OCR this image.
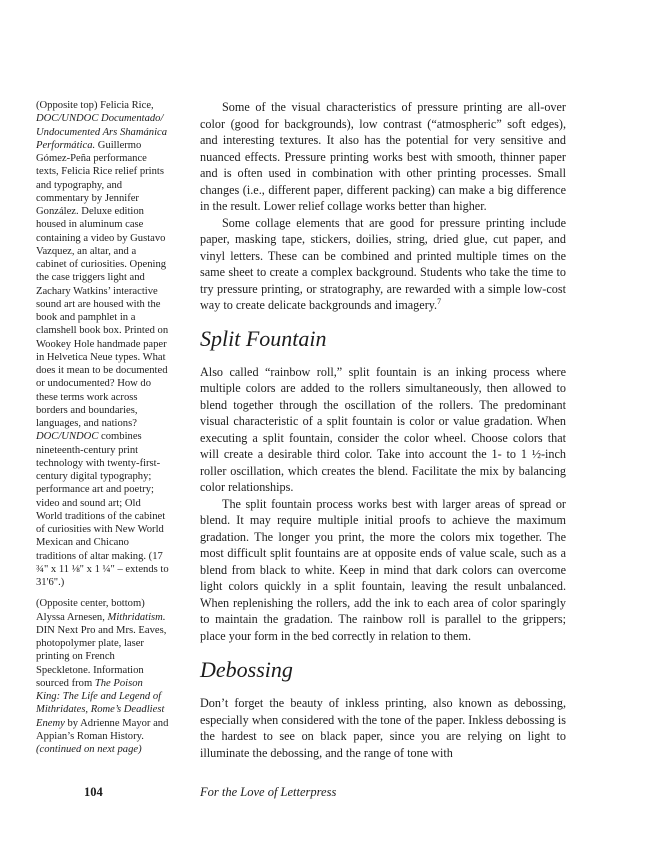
(Opposite top) Felicia Rice, DOC/UNDOC Documentado/ Undocumented Ars Shamánica Performática. Guillermo Gómez-Peña performance texts, Felicia Rice relief prints and typography, and commentary by Jennifer González. Deluxe edition housed in aluminum case containing a video by Gustavo Vazquez, an altar, and a cabinet of curiosities. Opening the case triggers light and Zachary Watkins’ interactive sound art are housed with the book and pamphlet in a clamshell book box. Printed on Wookey Hole handmade paper in Helvetica Neue types. What does it mean to be documented or undocumented? How do these terms work across borders and boundaries, languages, and nations? DOC/UNDOC combines nineteenth-century print technology with twenty-first-century digital typography; performance art and poetry; video and sound art; Old World traditions of the cabinet of curiosities with New World Mexican and Chicano traditions of altar making. (17 ¾" x 11 ⅛" x 1 ¼" – extends to 31'6".)

(Opposite center, bottom) Alyssa Arnesen, Mithridatism. DIN Next Pro and Mrs. Eaves, photopolymer plate, laser printing on French Speckletone. Information sourced from The Poison King: The Life and Legend of Mithridates, Rome’s Deadliest Enemy by Adrienne Mayor and Appian’s Roman History. (continued on next page)

Some of the visual characteristics of pressure printing are all-over color (good for backgrounds), low contrast (“atmospheric” soft edges), and interesting textures. It also has the potential for very sensitive and nuanced effects. Pressure printing works best with smooth, thinner paper and is often used in combination with other printing processes. Small changes (i.e., different paper, different packing) can make a big difference in the result. Lower relief collage works better than higher.

Some collage elements that are good for pressure printing include paper, masking tape, stickers, doilies, string, dried glue, cut paper, and vinyl letters. These can be combined and printed multiple times on the same sheet to create a complex background. Students who take the time to try pressure printing, or stratography, are rewarded with a simple low-cost way to create delicate backgrounds and imagery.$^7$

Split Fountain

Also called “rainbow roll,” split fountain is an inking process where multiple colors are added to the rollers simultaneously, then allowed to blend together through the oscillation of the rollers. The predominant visual characteristic of a split fountain is color or value gradation. When executing a split fountain, consider the color wheel. Choose colors that will create a desirable third color. Take into account the 1- to 1 ½-inch roller oscillation, which creates the blend. Facilitate the mix by balancing color relationships.

The split fountain process works best with larger areas of spread or blend. It may require multiple initial proofs to achieve the maximum gradation. The longer you print, the more the colors mix together. The most difficult split fountains are at opposite ends of value scale, such as a blend from black to white. Keep in mind that dark colors can overcome light colors quickly in a split fountain, leaving the result unbalanced. When replenishing the rollers, add the ink to each area of color sparingly to maintain the gradation. The rainbow roll is parallel to the grippers; place your form in the bed correctly in relation to them.

Debossing

Don’t forget the beauty of inkless printing, also known as debossing, especially when considered with the tone of the paper. Inkless debossing is the hardest to see on black paper, since you are relying on light to illuminate the debossing, and the range of tone with

104	For the Love of Letterpress
